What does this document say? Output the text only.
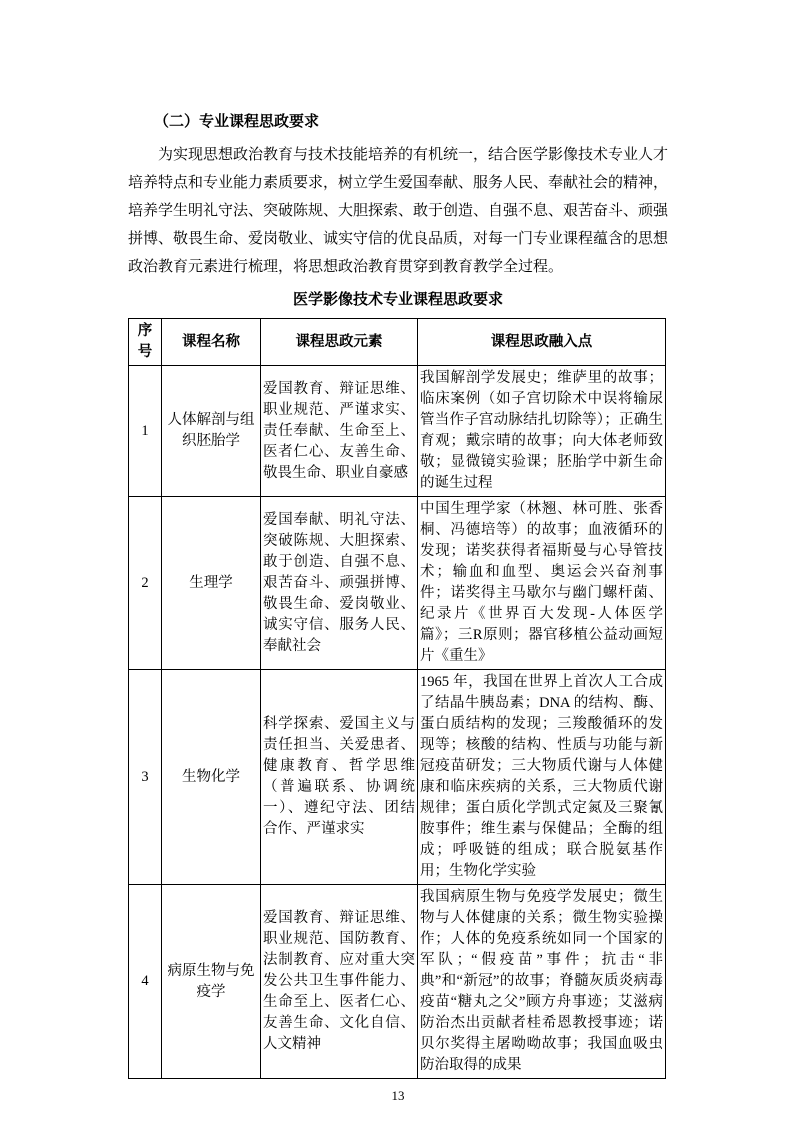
（二）专业课程思政要求

为实现思想政治教育与技术技能培养的有机统一，结合医学影像技术专业人才培养特点和专业能力素质要求，树立学生爱国奉献、服务人民、奉献社会的精神，培养学生明礼守法、突破陈规、大胆探索、敢于创造、自强不息、艰苦奋斗、顽强拼博、敬畏生命、爱岗敬业、诚实守信的优良品质，对每一门专业课程蕴含的思想政治教育元素进行梳理，将思想政治教育贯穿到教育教学全过程。

医学影像技术专业课程思政要求
序号	课程名称	课程思政元素	课程思政融入点
1	人体解剖与组织胚胎学	爱国教育、辩证思维、职业规范、严谨求实、责任奉献、生命至上、医者仁心、友善生命、敬畏生命、职业自豪感	我国解剖学发展史；维萨里的故事；临床案例（如子宫切除术中误将输尿管当作子宫动脉结扎切除等）；正确生育观；戴宗晴的故事；向大体老师致敬；显微镜实验课；胚胎学中新生命的诞生过程
2	生理学	爱国奉献、明礼守法、突破陈规、大胆探索、敢于创造、自强不息、艰苦奋斗、顽强拼博、敬畏生命、爱岗敬业、诚实守信、服务人民、奉献社会	中国生理学家（林翘、林可胜、张香桐、冯德培等）的故事；血液循环的发现；诺奖获得者福斯曼与心导管技术；输血和血型、奥运会兴奋剂事件；诺奖得主马歇尔与幽门螺杆菌、纪录片《世界百大发现-人体医学篇》；三R原则；器官移植公益动画短片《重生》
3	生物化学	科学探索、爱国主义与责任担当、关爱患者、健康教育、哲学思维（普遍联系、协调统一）、遵纪守法、团结合作、严谨求实	1965 年，我国在世界上首次人工合成了结晶牛胰岛素；DNA 的结构、酶、蛋白质结构的发现；三羧酸循环的发现等；核酸的结构、性质与功能与新冠疫苗研发；三大物质代谢与人体健康和临床疾病的关系，三大物质代谢规律；蛋白质化学凯式定氮及三聚氰胺事件；维生素与保健品；全酶的组成；呼吸链的组成；联合脱氨基作用；生物化学实验
4	病原生物与免疫学	爱国教育、辩证思维、职业规范、国防教育、法制教育、应对重大突发公共卫生事件能力、生命至上、医者仁心、友善生命、文化自信、人文精神	我国病原生物与免疫学发展史；微生物与人体健康的关系；微生物实验操作；人体的免疫系统如同一个国家的军队；“假疫苗”事件；抗击“非典”和“新冠”的故事；脊髓灰质炎病毒疫苗“糖丸之父”顾方舟事迹；艾滋病防治杰出贡献者桂希恩教授事迹；诺贝尔奖得主屠呦呦故事；我国血吸虫防治取得的成果
13
